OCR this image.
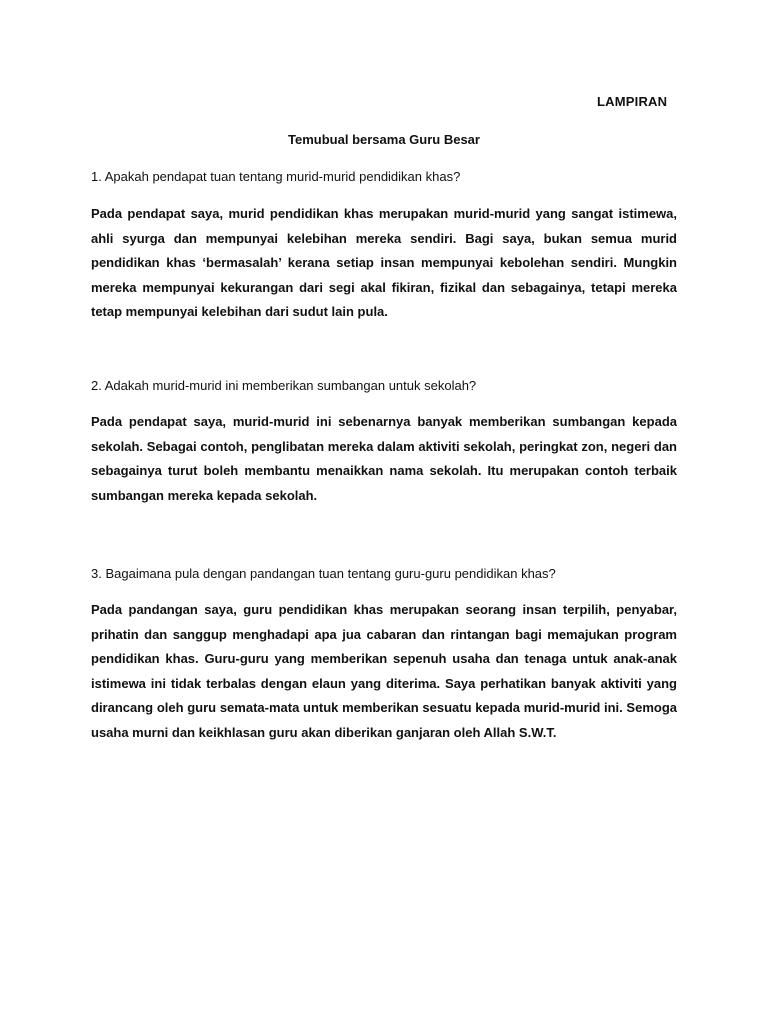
LAMPIRAN
Temubual bersama Guru Besar
1. Apakah pendapat tuan tentang murid-murid pendidikan khas?
Pada pendapat saya, murid pendidikan khas merupakan murid-murid yang sangat istimewa, ahli syurga dan mempunyai kelebihan mereka sendiri. Bagi saya, bukan semua murid pendidikan khas ‘bermasalah’ kerana setiap insan mempunyai kebolehan sendiri. Mungkin mereka mempunyai kekurangan dari segi akal fikiran, fizikal dan sebagainya, tetapi mereka tetap mempunyai kelebihan dari sudut lain pula.
2. Adakah murid-murid ini memberikan sumbangan untuk sekolah?
Pada pendapat saya, murid-murid ini sebenarnya banyak memberikan sumbangan kepada sekolah. Sebagai contoh, penglibatan mereka dalam aktiviti sekolah, peringkat zon, negeri dan sebagainya turut boleh membantu menaikkan nama sekolah. Itu merupakan contoh terbaik sumbangan mereka kepada sekolah.
3. Bagaimana pula dengan pandangan tuan tentang guru-guru pendidikan khas?
Pada pandangan saya, guru pendidikan khas merupakan seorang insan terpilih, penyabar, prihatin dan sanggup menghadapi apa jua cabaran dan rintangan bagi memajukan program pendidikan khas. Guru-guru yang memberikan sepenuh usaha dan tenaga untuk anak-anak istimewa ini tidak terbalas dengan elaun yang diterima. Saya perhatikan banyak aktiviti yang dirancang oleh guru semata-mata untuk memberikan sesuatu kepada murid-murid ini. Semoga usaha murni dan keikhlasan guru akan diberikan ganjaran oleh Allah S.W.T.
